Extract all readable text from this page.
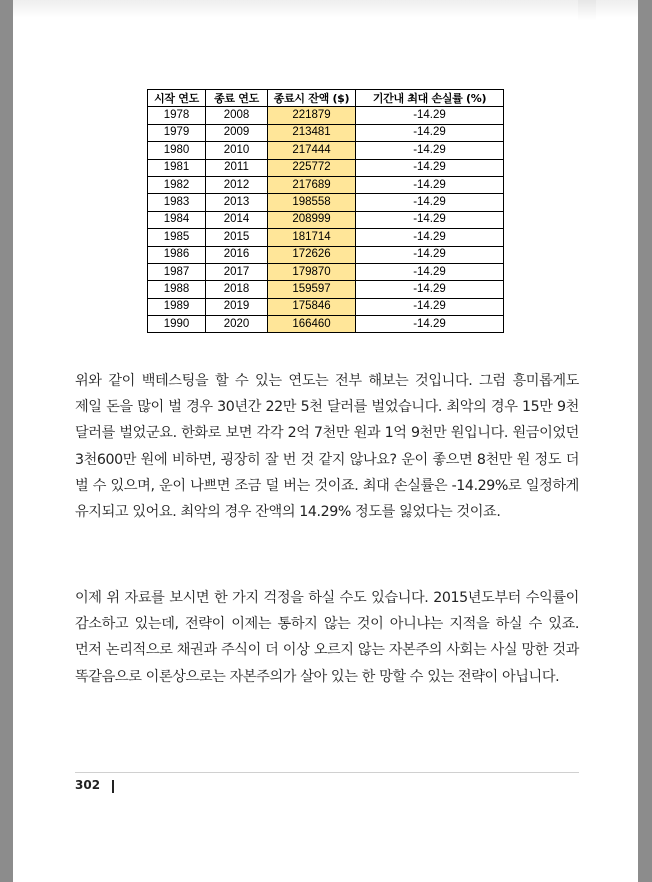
시작 연도	종료 연도	종료시 잔액 ($)	기간내 최대 손실률 (%)
1978	2008	221879	-14.29
1979	2009	213481	-14.29
1980	2010	217444	-14.29
1981	2011	225772	-14.29
1982	2012	217689	-14.29
1983	2013	198558	-14.29
1984	2014	208999	-14.29
1985	2015	181714	-14.29
1986	2016	172626	-14.29
1987	2017	179870	-14.29
1988	2018	159597	-14.29
1989	2019	175846	-14.29
1990	2020	166460	-14.29

위와 같이 백테스팅을 할 수 있는 연도는 전부 해보는 것입니다. 그럼 흥미롭게도 제일 돈을 많이 벌 경우 30년간 22만 5천 달러를 벌었습니다. 최악의 경우 15만 9천 달러를 벌었군요. 한화로 보면 각각 2억 7천만 원과 1억 9천만 원입니다. 원금이었던 3천600만 원에 비하면, 굉장히 잘 번 것 같지 않나요? 운이 좋으면 8천만 원 정도 더 벌 수 있으며, 운이 나쁘면 조금 덜 버는 것이죠. 최대 손실률은 -14.29%로 일정하게 유지되고 있어요. 최악의 경우 잔액의 14.29% 정도를 잃었다는 것이죠.

이제 위 자료를 보시면 한 가지 걱정을 하실 수도 있습니다. 2015년도부터 수익률이 감소하고 있는데, 전략이 이제는 통하지 않는 것이 아니냐는 지적을 하실 수 있죠. 먼저 논리적으로 채권과 주식이 더 이상 오르지 않는 자본주의 사회는 사실 망한 것과 똑같음으로 이론상으로는 자본주의가 살아 있는 한 망할 수 있는 전략이 아닙니다.

302
